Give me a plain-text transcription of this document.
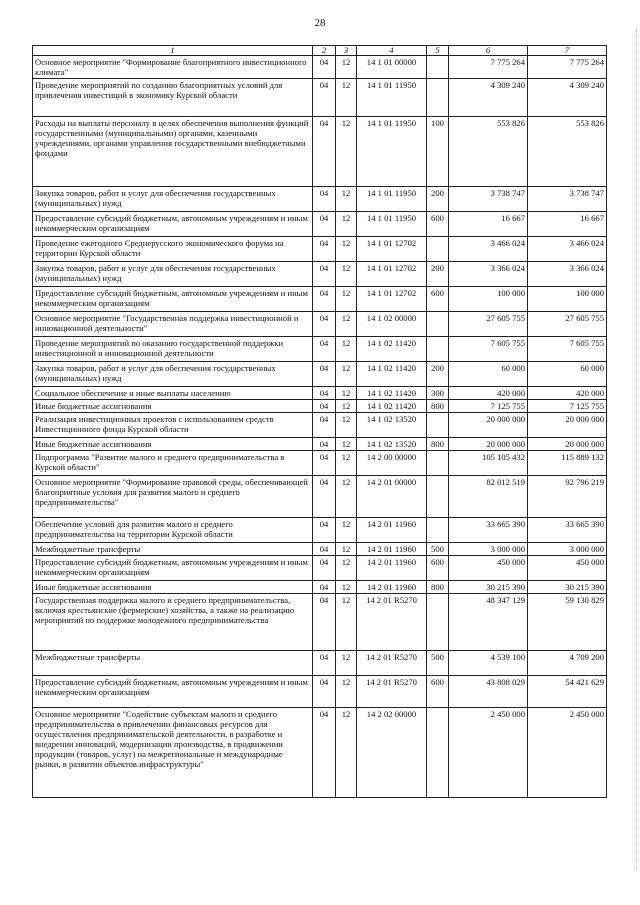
28
1	2	3	4	5	6	7
Основное мероприятие "Формирование благоприятного инвестиционного климата"	04	12	14 1 01 00000		7 775 264	7 775 264
Проведение мероприятий по созданию благоприятных условий для привлечения инвестиций в экономику Курской области	04	12	14 1 01 11950		4 309 240	4 309 240
Расходы на выплаты персоналу в целях обеспечения выполнения функций государственными (муниципальными) органами, казенными учреждениями, органами управления государственными внебюджетными фондами	04	12	14 1 01 11950	100	553 826	553 826
Закупка товаров, работ и услуг для обеспечения государственных (муниципальных) нужд	04	12	14 1 01 11950	200	3 738 747	3 738 747
Предоставление субсидий бюджетным, автономным учреждениям и иным некоммерческим организациям	04	12	14 1 01 11950	600	16 667	16 667
Проведение ежегодного Среднерусского экономического форума на территории Курской области	04	12	14 1 01 12702		3 466 024	3 466 024
Закупка товаров, работ и услуг для обеспечения государственных (муниципальных) нужд	04	12	14 1 01 12702	200	3 366 024	3 366 024
Предоставление субсидий бюджетным, автономным учреждениям и иным некоммерческим организациям	04	12	14 1 01 12702	600	100 000	100 000
Основное мероприятие "Государственная поддержка инвестиционной и инновационной деятельности"	04	12	14 1 02 00000		27 605 755	27 605 755
Проведение мероприятий по оказанию государственной поддержки инвестиционной и инновационной деятельности	04	12	14 1 02 11420		7 605 755	7 605 755
Закупка товаров, работ и услуг для обеспечения государственных (муниципальных) нужд	04	12	14 1 02 11420	200	60 000	60 000
Социальное обеспечение и иные выплаты населению	04	12	14 1 02 11420	300	420 000	420 000
Иные бюджетные ассигнования	04	12	14 1 02 11420	800	7 125 755	7 125 755
Реализация инвестиционных проектов с использованием средств Инвестиционного фонда Курской области	04	12	14 1 02 13520		20 000 000	20 000 000
Иные бюджетные ассигнования	04	12	14 1 02 13520	800	20 000 000	20 000 000
Подпрограмма "Развитие малого и среднего предпринимательства в Курской области"	04	12	14 2 00 00000		105 105 432	115 889 132
Основное мероприятие "Формирование правовой среды, обеспечивающей благоприятные условия для развития малого и среднего предпринимательства"	04	12	14 2 01 00000		82 012 519	92 796 219
Обеспечение условий для развития малого и среднего предпринимательства на территории Курской области	04	12	14 2 01 11960		33 665 390	33 665 390
Межбюджетные трансферты	04	12	14 2 01 11960	500	3 000 000	3 000 000
Предоставление субсидий бюджетным, автономным учреждениям и иным некоммерческим организациям	04	12	14 2 01 11960	600	450 000	450 000
Иные бюджетные ассигнования	04	12	14 2 01 11960	800	30 215 390	30 215 390
Государственная поддержка малого и среднего предпринимательства, включая крестьянские (фермерские) хозяйства, а также на реализацию мероприятий по поддержке молодежного предпринимательства	04	12	14 2 01 R5270		48 347 129	59 130 829
Межбюджетные трансферты	04	12	14 2 01 R5270	500	4 539 100	4 709 200
Предоставление субсидий бюджетным, автономным учреждениям и иным некоммерческим организациям	04	12	14 2 01 R5270	600	43 808 029	54 421 629
Основное мероприятие "Содействие субъектам малого и среднего предпринимательства в привлечении финансовых ресурсов для осуществления предпринимательской деятельности, в разработке и внедрении инноваций, модернизации производства, в продвижении продукции (товаров, услуг) на межрегиональные и международные рынки, в развитии объектов инфраструктуры"	04	12	14 2 02 00000		2 450 000	2 450 000
